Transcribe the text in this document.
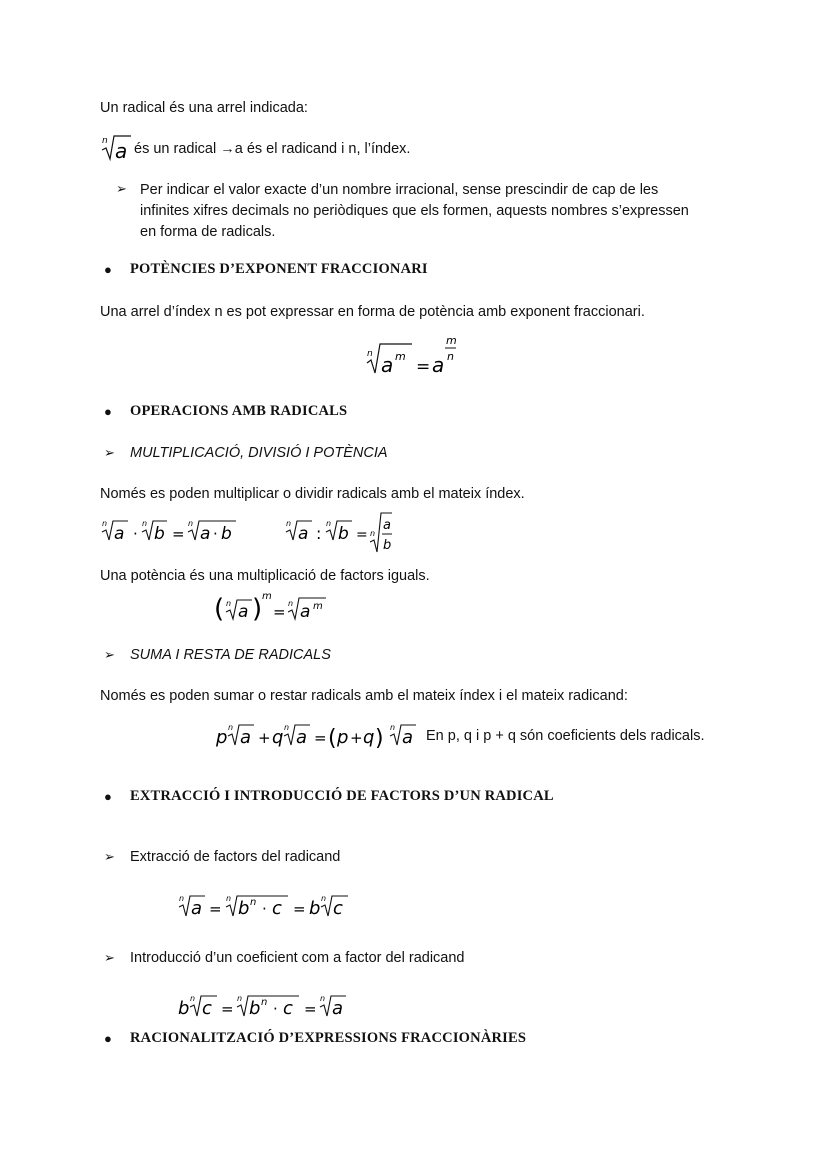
Un radical és una arrel indicada:
n a és un radical →a és el radicand i n, l’índex.
➢ Per indicar el valor exacte d’un nombre irracional, sense prescindir de cap de les
infinites xifres decimals no periòdiques que els formen, aquests nombres s’expressen
en forma de radicals.
● POTÈNCIES D’EXPONENT FRACCIONARI
Una arrel d’índex n es pot expressar en forma de potència amb exponent fraccionari.
n a m
= a
m
n
● OPERACIONS AMB RADICALS
➢ MULTIPLICACIÓ, DIVISIÓ I POTÈNCIA
Només es poden multiplicar o dividir radicals amb el mateix índex.
n
a ·
n
b =
n
a · b
n
a :
n
b = n
a
b
Una potència és una multiplicació de factors iguals.
( n a ) m
= n a m
➢ SUMA I RESTA DE RADICALS
Només es poden sumar o restar radicals amb el mateix índex i el mateix radicand:
p n a + q n a = ( p + q ) n a En p, q i p + q són coeficients dels radicals.
● EXTRACCIÓ I INTRODUCCIÓ DE FACTORS D’UN RADICAL
➢ Extracció de factors del radicand
n a =
n b n · c = b n c
➢ Introducció d’un coeficient com a factor del radicand
b n c =
n b n · c =
n a
● RACIONALITZACIÓ D’EXPRESSIONS FRACCIONÀRIES
